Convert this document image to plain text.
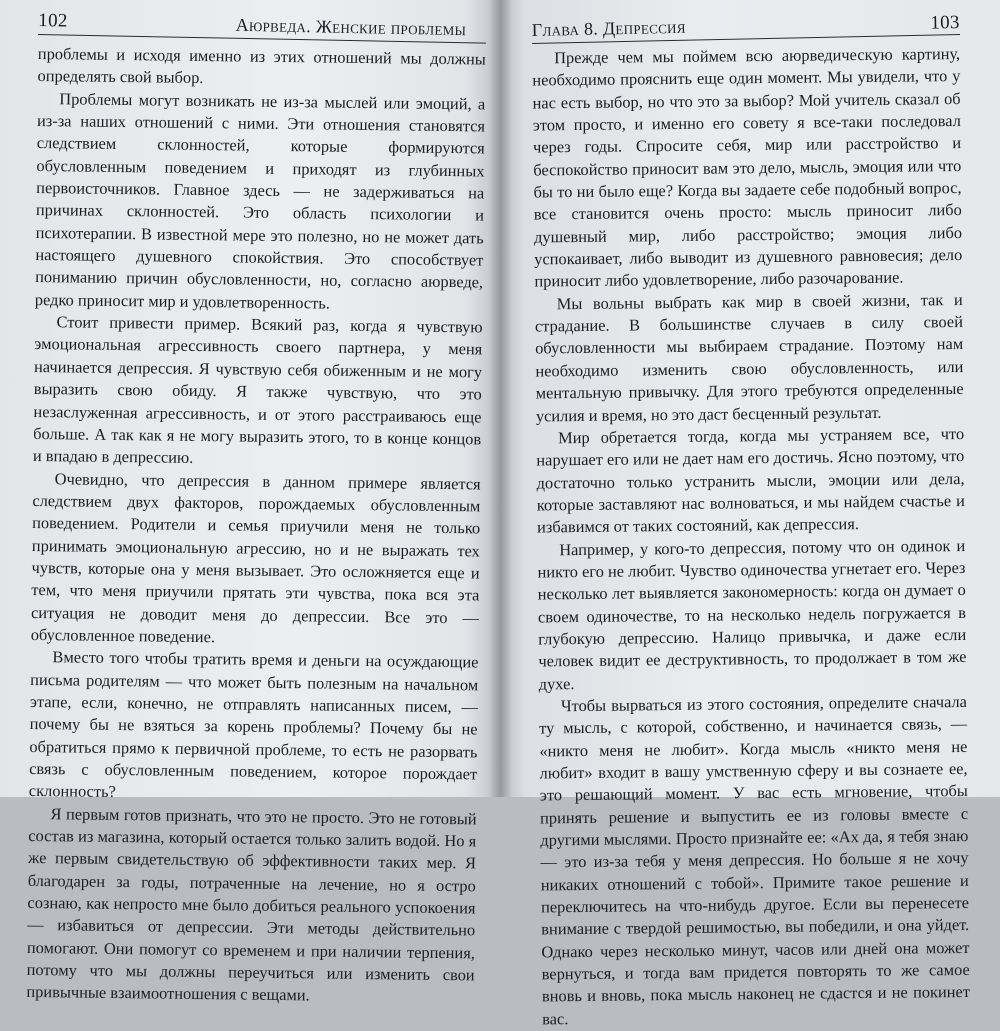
102	Аюрведа. Женские проблемы

проблемы и исходя именно из этих отношений мы должны определять свой выбор.

Проблемы могут возникать не из-за мыслей или эмоций, а из-за наших отношений с ними. Эти отношения становятся следствием склонностей, которые формируются обусловленным поведением и приходят из глубинных первоисточников. Главное здесь — не задерживаться на причинах склонностей. Это область психологии и психотерапии. В известной мере это полезно, но не может дать настоящего душевного спокойствия. Это способствует пониманию причин обусловленности, но, согласно аюрведе, редко приносит мир и удовлетворенность.

Стоит привести пример. Всякий раз, когда я чувствую эмоциональная агрессивность своего партнера, у меня начинается депрессия. Я чувствую себя обиженным и не могу выразить свою обиду. Я также чувствую, что это незаслуженная агрессивность, и от этого расстраиваюсь еще больше. А так как я не могу выразить этого, то в конце концов и впадаю в депрессию.

Очевидно, что депрессия в данном примере является следствием двух факторов, порождаемых обусловленным поведением. Родители и семья приучили меня не только принимать эмоциональную агрессию, но и не выражать тех чувств, которые она у меня вызывает. Это осложняется еще и тем, что меня приучили прятать эти чувства, пока вся эта ситуация не доводит меня до депрессии. Все это — обусловленное поведение.

Вместо того чтобы тратить время и деньги на осуждающие письма родителям — что может быть полезным на начальном этапе, если, конечно, не отправлять написанных писем, — почему бы не взяться за корень проблемы? Почему бы не обратиться прямо к первичной проблеме, то есть не разорвать связь с обусловленным поведением, которое порождает склонность?

Я первым готов признать, что это не просто. Это не готовый состав из магазина, который остается только залить водой. Но я же первым свидетельствую об эффективности таких мер. Я благодарен за годы, потраченные на лечение, но я остро сознаю, как непросто мне было добиться реального успокоения — избавиться от депрессии. Эти методы действительно помогают. Они помогут со временем и при наличии терпения, потому что мы должны переучиться или изменить свои привычные взаимоотношения с вещами.

Глава 8. Депрессия	103

Прежде чем мы поймем всю аюрведическую картину, необходимо прояснить еще один момент. Мы увидели, что у нас есть выбор, но что это за выбор? Мой учитель сказал об этом просто, и именно его совету я все-таки последовал через годы. Спросите себя, мир или расстройство и беспокойство приносит вам это дело, мысль, эмоция или что бы то ни было еще? Когда вы задаете себе подобный вопрос, все становится очень просто: мысль приносит либо душевный мир, либо расстройство; эмоция либо успокаивает, либо выводит из душевного равновесия; дело приносит либо удовлетворение, либо разочарование.

Мы вольны выбрать как мир в своей жизни, так и страдание. В большинстве случаев в силу своей обусловленности мы выбираем страдание. Поэтому нам необходимо изменить свою обусловленность, или ментальную привычку. Для этого требуются определенные усилия и время, но это даст бесценный результат.

Мир обретается тогда, когда мы устраняем все, что нарушает его или не дает нам его достичь. Ясно поэтому, что достаточно только устранить мысли, эмоции или дела, которые заставляют нас волноваться, и мы найдем счастье и избавимся от таких состояний, как депрессия.

Например, у кого-то депрессия, потому что он одинок и никто его не любит. Чувство одиночества угнетает его. Через несколько лет выявляется закономерность: когда он думает о своем одиночестве, то на несколько недель погружается в глубокую депрессию. Налицо привычка, и даже если человек видит ее деструктивность, то продолжает в том же духе.

Чтобы вырваться из этого состояния, определите сначала ту мысль, с которой, собственно, и начинается связь, — «никто меня не любит». Когда мысль «никто меня не любит» входит в вашу умственную сферу и вы сознаете ее, это решающий момент. У вас есть мгновение, чтобы принять решение и выпустить ее из головы вместе с другими мыслями. Просто признайте ее: «Ах да, я тебя знаю — это из-за тебя у меня депрессия. Но больше я не хочу никаких отношений с тобой». Примите такое решение и переключитесь на что-нибудь другое. Если вы перенесете внимание с твердой решимостью, вы победили, и она уйдет. Однако через несколько минут, часов или дней она может вернуться, и тогда вам придется повторять то же самое вновь и вновь, пока мысль наконец не сдастся и не покинет вас.
